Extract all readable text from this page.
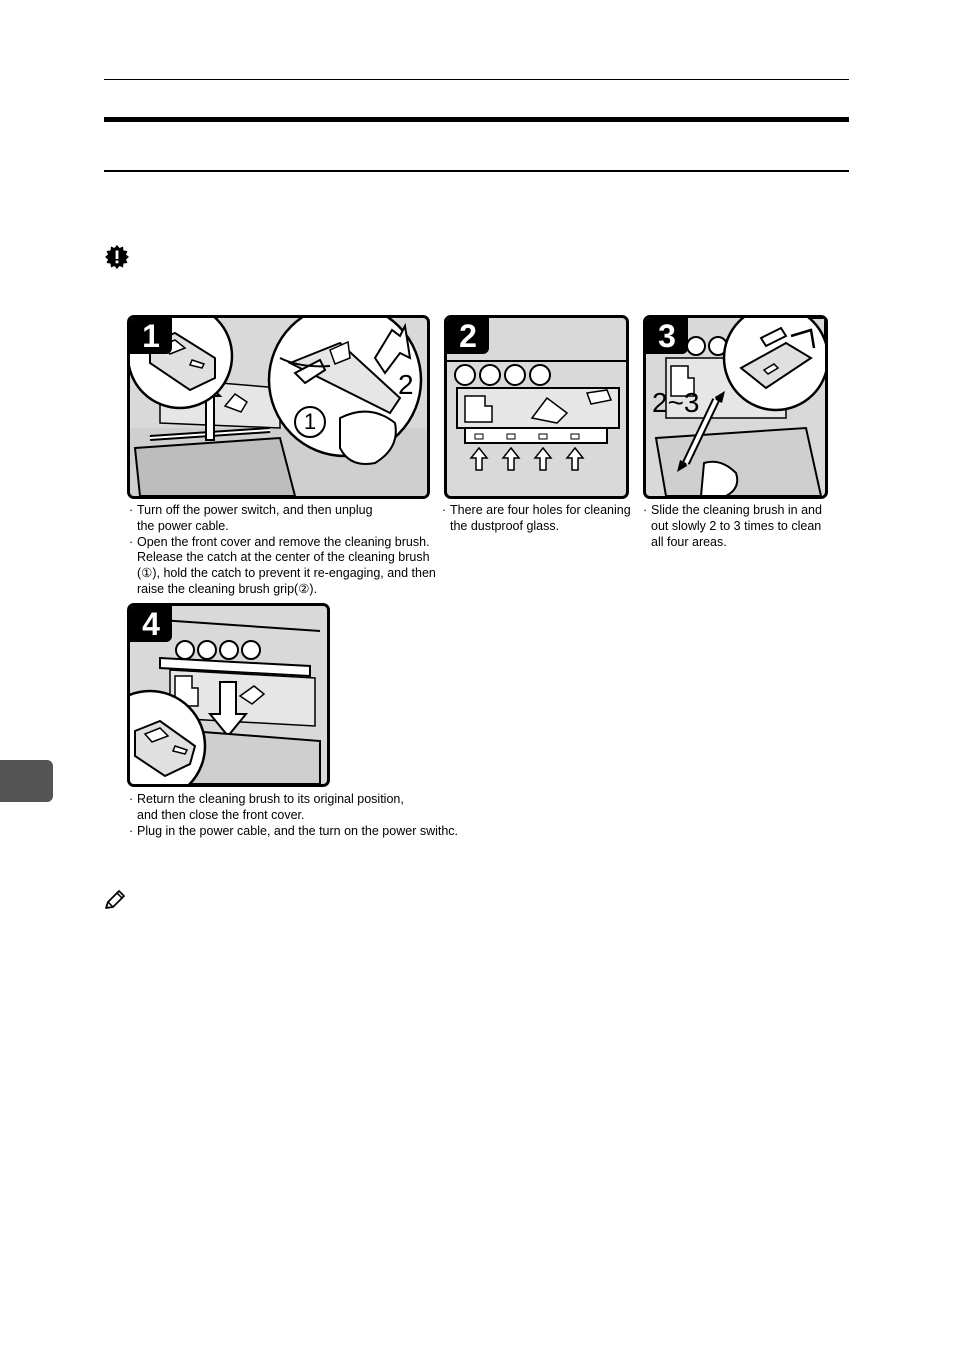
1
1
2
2	3
2~3
4
· Turn off the power switch, and then unplug
the power cable.
· Open the front cover and remove the cleaning brush.
Release the catch at the center of the cleaning brush
(①), hold the catch to prevent it re-engaging, and then
raise the cleaning brush grip(②).
· There are four holes for cleaning
the dustproof glass.
· Slide the cleaning brush in and
out slowly 2 to 3 times to clean
all four areas.
· Return the cleaning brush to its original position,
and then close the front cover.
· Plug in the power cable, and the turn on the power swithc.
